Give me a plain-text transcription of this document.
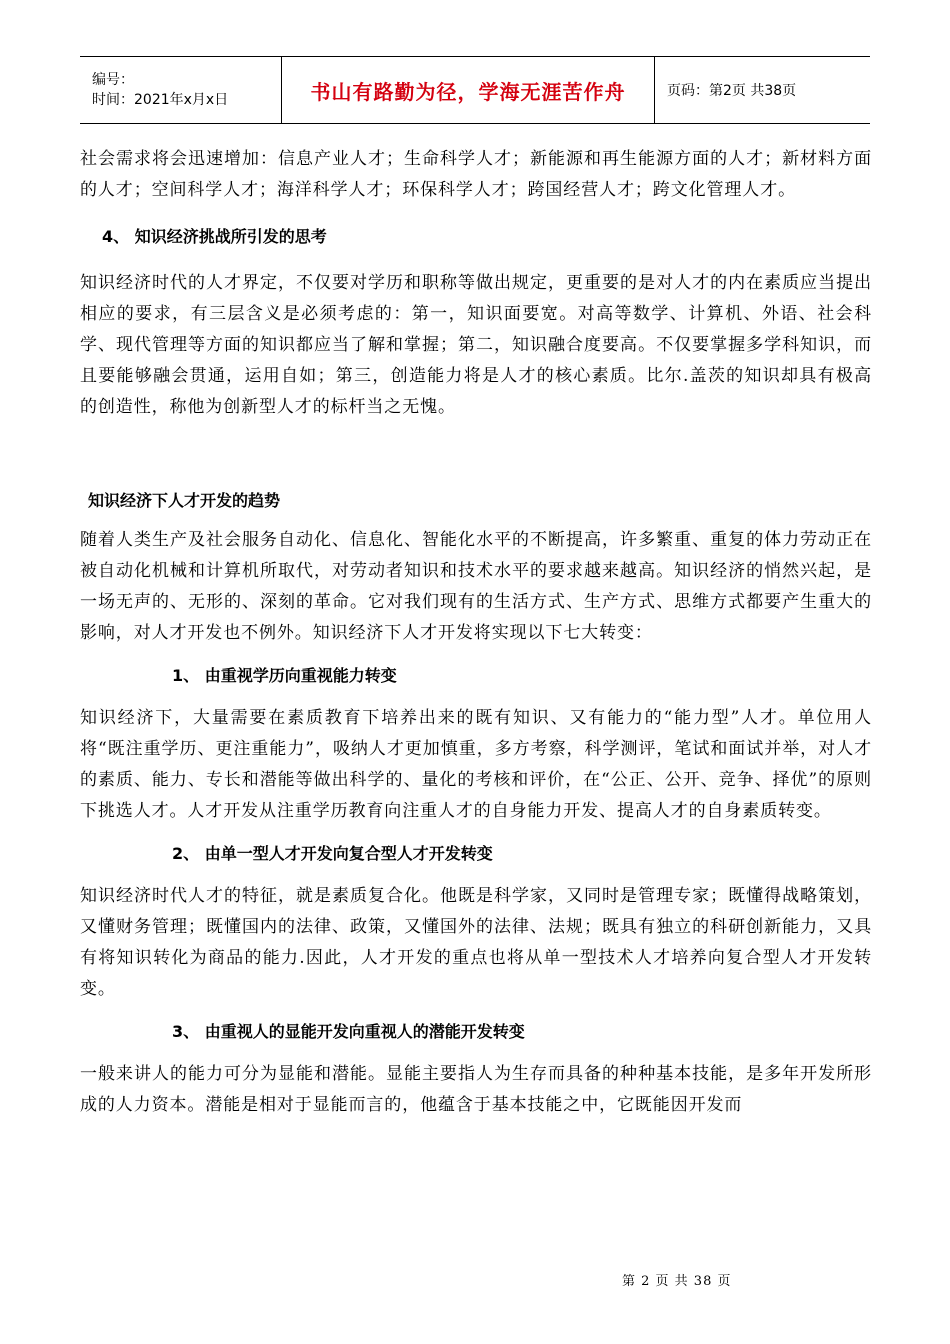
编号：
时间：2021年x月x日	书山有路勤为径，学海无涯苦作舟	页码：第2页 共38页

社会需求将会迅速增加：信息产业人才；生命科学人才；新能源和再生能源方面的人才；新材料方面的人才；空间科学人才；海洋科学人才；环保科学人才；跨国经营人才；跨文化管理人才。

4、 知识经济挑战所引发的思考

知识经济时代的人才界定，不仅要对学历和职称等做出规定，更重要的是对人才的内在素质应当提出相应的要求，有三层含义是必须考虑的：第一，知识面要宽。对高等数学、计算机、外语、社会科学、现代管理等方面的知识都应当了解和掌握；第二，知识融合度要高。不仅要掌握多学科知识，而且要能够融会贯通，运用自如；第三，创造能力将是人才的核心素质。比尔.盖茨的知识却具有极高的创造性，称他为创新型人才的标杆当之无愧。

知识经济下人才开发的趋势

随着人类生产及社会服务自动化、信息化、智能化水平的不断提高，许多繁重、重复的体力劳动正在被自动化机械和计算机所取代，对劳动者知识和技术水平的要求越来越高。知识经济的悄然兴起，是一场无声的、无形的、深刻的革命。它对我们现有的生活方式、生产方式、思维方式都要产生重大的影响，对人才开发也不例外。知识经济下人才开发将实现以下七大转变：

1、 由重视学历向重视能力转变

知识经济下，大量需要在素质教育下培养出来的既有知识、又有能力的“能力型”人才。单位用人将“既注重学历、更注重能力”，吸纳人才更加慎重，多方考察，科学测评，笔试和面试并举，对人才的素质、能力、专长和潜能等做出科学的、量化的考核和评价，在“公正、公开、竞争、择优”的原则下挑选人才。人才开发从注重学历教育向注重人才的自身能力开发、提高人才的自身素质转变。

2、 由单一型人才开发向复合型人才开发转变

知识经济时代人才的特征，就是素质复合化。他既是科学家，又同时是管理专家；既懂得战略策划，又懂财务管理；既懂国内的法律、政策，又懂国外的法律、法规；既具有独立的科研创新能力，又具有将知识转化为商品的能力.因此，人才开发的重点也将从单一型技术人才培养向复合型人才开发转变。

3、 由重视人的显能开发向重视人的潜能开发转变

一般来讲人的能力可分为显能和潜能。显能主要指人为生存而具备的种种基本技能，是多年开发所形成的人力资本。潜能是相对于显能而言的，他蕴含于基本技能之中，它既能因开发而

第 2 页 共 38 页
